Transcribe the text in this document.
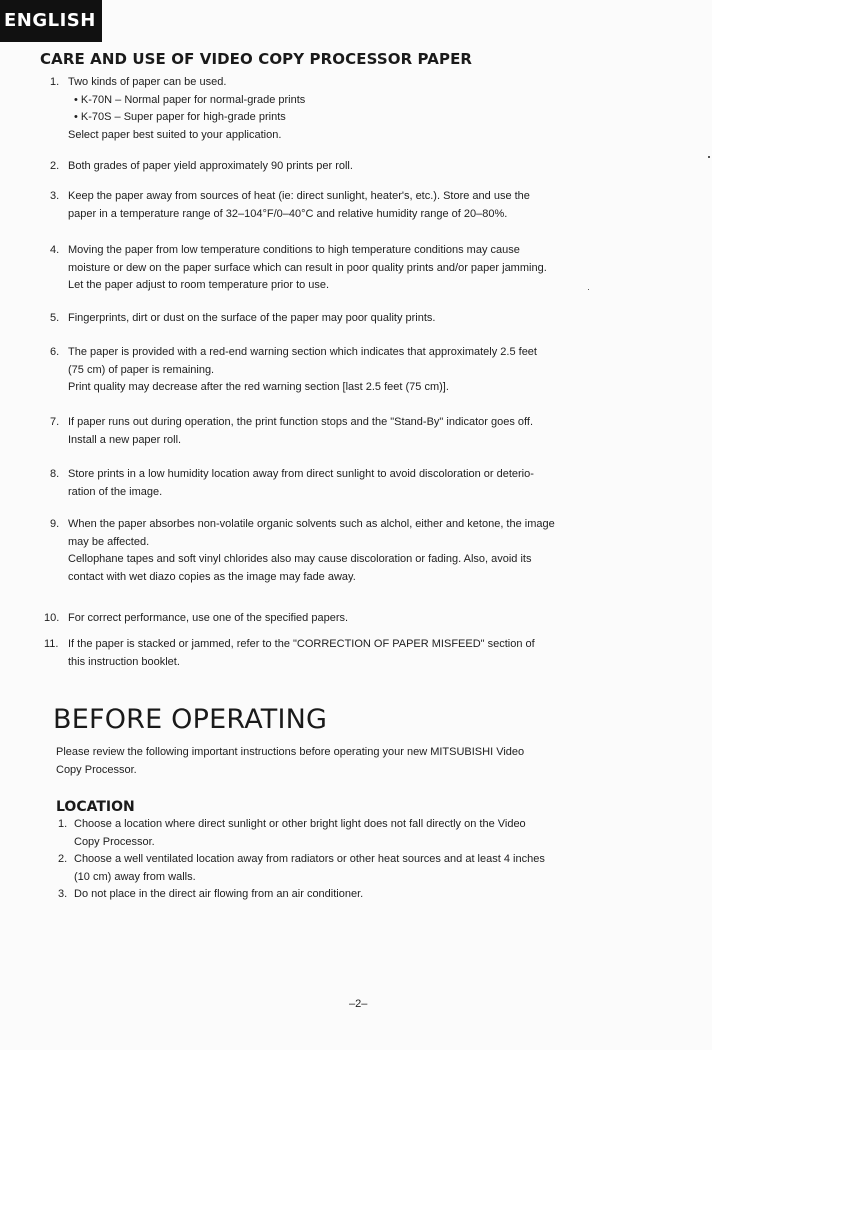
ENGLISH
CARE AND USE OF VIDEO COPY PROCESSOR PAPER
1. Two kinds of paper can be used.
• K-70N – Normal paper for normal-grade prints
• K-70S – Super paper for high-grade prints
Select paper best suited to your application.
2. Both grades of paper yield approximately 90 prints per roll.
3. Keep the paper away from sources of heat (ie: direct sunlight, heater's, etc.). Store and use the
paper in a temperature range of 32–104°F/0–40°C and relative humidity range of 20–80%.
4. Moving the paper from low temperature conditions to high temperature conditions may cause
moisture or dew on the paper surface which can result in poor quality prints and/or paper jamming.
Let the paper adjust to room temperature prior to use.
5. Fingerprints, dirt or dust on the surface of the paper may poor quality prints.
6. The paper is provided with a red-end warning section which indicates that approximately 2.5 feet
(75 cm) of paper is remaining.
Print quality may decrease after the red warning section [last 2.5 feet (75 cm)].
7. If paper runs out during operation, the print function stops and the "Stand-By" indicator goes off.
Install a new paper roll.
8. Store prints in a low humidity location away from direct sunlight to avoid discoloration or deterio-
ration of the image.
9. When the paper absorbes non-volatile organic solvents such as alchol, either and ketone, the image
may be affected.
Cellophane tapes and soft vinyl chlorides also may cause discoloration or fading. Also, avoid its
contact with wet diazo copies as the image may fade away.
10. For correct performance, use one of the specified papers.
11. If the paper is stacked or jammed, refer to the "CORRECTION OF PAPER MISFEED" section of
this instruction booklet.
BEFORE OPERATING
Please review the following important instructions before operating your new MITSUBISHI Video
Copy Processor.
LOCATION
1. Choose a location where direct sunlight or other bright light does not fall directly on the Video
Copy Processor.
2. Choose a well ventilated location away from radiators or other heat sources and at least 4 inches
(10 cm) away from walls.
3. Do not place in the direct air flowing from an air conditioner.
–2–
